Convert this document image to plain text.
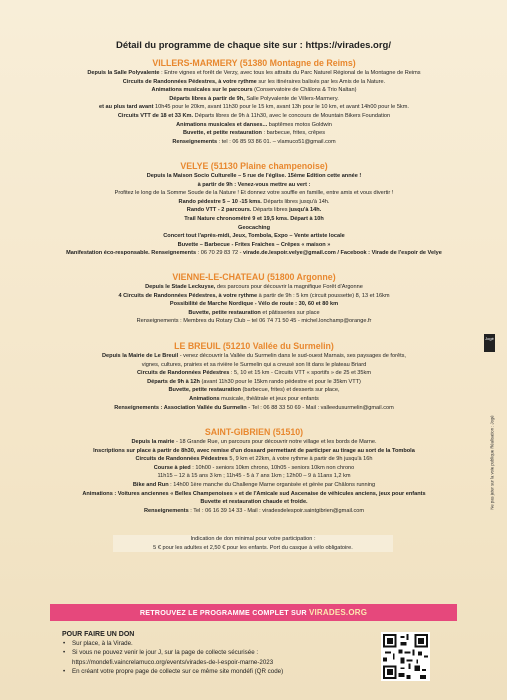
Détail du programme de chaque site sur : https://virades.org/
VILLERS-MARMERY (51380 Montagne de Reims)

Depuis la Salle Polyvalente : Entre vignes et forêt de Verzy, avec tous les attraits du Parc Naturel Régional de la Montagne de Reims

Circuits de Randonnées Pédestres, à votre rythme sur les itinéraires balisés par les Amis de la Nature.

Animations musicales sur le parcours (Conservatoire de Châlons & Trio Naltan)

Départs libres à partir de 9h, Salle Polyvalente de Villers-Marmery.

et au plus tard avant 10h45 pour le 20km, avant 11h30 pour le 15 km, avant 13h pour le 10 km, et avant 14h00 pour le 5km.

Circuits VTT de 18 et 33 Km. Départs libres de 9h à 11h30, avec le concours de Mountain Bikers Foundation

Animations musicales et danses... baptêmes motos Goldwin

Buvette, et petite restauration : barbecue, frites, crêpes

Renseignements : tel : 06 85 93 86 01. – vlamuco51@gmail.com

VELYE (51130 Plaine champenoise)

Depuis la Maison Socio Culturelle – 5 rue de l'église. 15ème Edition cette année !

à partir de 9h : Venez-vous mettre au vert :

Profitez le long de la Somme Soude de la Nature ! Et donnez votre souffle en famille, entre amis et vous divertir !

Rando pédestre 5 – 10 -15 kms. Départs libres jusqu'à 14h.

Rando VTT - 2 parcours. Départs libres jusqu'à 14h.

Trail Nature chronométré 9 et 19,5 kms. Départ à 10h

Geocaching

Concert tout l'après-midi, Jeux, Tombola, Expo – Vente artiste locale

Buvette – Barbecue - Frites Fraiches – Crêpes « maison »

Manifestation éco-responsable. Renseignements : 06 70 29 83 72 - virade.de.lespoir.velye@gmail.com / Facebook : Virade de l'espoir de Velye

VIENNE-LE-CHATEAU (51800 Argonne)

Depuis le Stade Leckuyse, des parcours pour découvrir la magnifique Forêt d'Argonne

4 Circuits de Randonnées Pédestres, à votre rythme à partir de 9h : 5 km (circuit poussette) 8, 13 et 16km

Possibilité de Marche Nordique - Vélo de route : 30, 60 et 80 km

Buvette, petite restauration et pâtisseries sur place

Renseignements : Membres du Rotary Club – tel 06 74 71 50 45 - michel.lonchamp@orange.fr

LE BREUIL (51210 Vallée du Surmelin)

Depuis la Mairie de Le Breuil - venez découvrir la Vallée du Surmelin dans le sud-ouest Marnais, ses paysages de forêts,

vignes, cultures, prairies et sa rivière le Surmelin qui a creusé son lit dans le plateau Briard

Circuits de Randonnées Pédestres : 5, 10 et 15 km - Circuits VTT « sportifs » de 25 et 35km

Départs de 9h à 12h (avant 11h30 pour le 15km rando pédestre et pour le 35km VTT)

Buvette, petite restauration (barbecue, frites) et desserts sur place,

Animations musicale, théâtrale et jeux pour enfants

Renseignements : Association Vallée du Surmelin - Tel : 06 88 33 50 69 - Mail : valleedusurmelin@gmail.com

SAINT-GIBRIEN (51510)

Depuis la mairie - 18 Grande Rue, un parcours pour découvrir notre village et les bords de Marne.

Inscriptions sur place à partir de 8h30, avec remise d'un dossard permettant de participer au tirage au sort de la Tombola

Circuits de Randonnées Pédestres 5, 9 km et 22km, à votre rythme à partir de 9h jusqu'à 16h

Course à pied : 10h00 - seniors 10km chrono, 10h05 - seniors 10km non chrono

11h15 – 12 à 15 ans 3 km ; 11h45 - 5 à 7 ans 1km ; 12h00 – 9 à 11ans 1,2 km

Bike and Run : 14h00 1ère manche du Challenge Marne organisée et gérée par Châlons running

Animations : Voitures anciennes « Belles Champenoises » et de l'Amicale sud Ascenaise de véhicules anciens, jeux pour enfants

Buvette et restauration chaude et froide.

Renseignements : Tel : 06 16 39 14 33 - Mail : viradesdelespoir.saintgibrien@gmail.com

Indication de don minimal pour votre participation :
5 € pour les adultes et 2,50 € pour les enfants. Port du casque à vélo obligatoire.
RETROUVEZ LE PROGRAMME COMPLET SUR VIRADES.ORG
POUR FAIRE UN DON
• Sur place, à la Virade.
• Si vous ne pouvez venir le jour J, sur la page de collecte sécurisée :
https://mondefi.vaincrelamuco.org/events/virades-de-l-espoir-marne-2023
• En créant votre propre page de collecte sur ce même site mondéfi (QR code)
Jogé
Ne pas jeter sur la voie publique Réalisation : Jogé
